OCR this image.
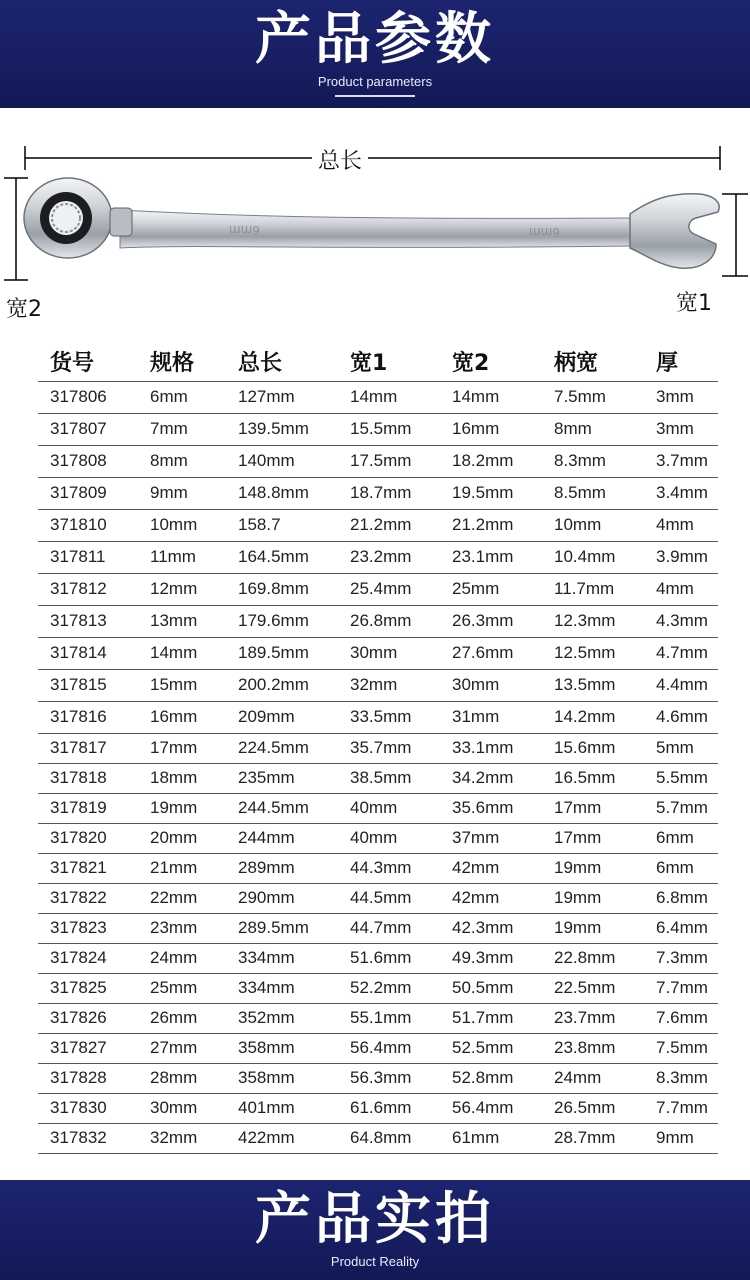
产品参数
Product parameters
6mm	6mm
总长
宽2	宽1
货号	规格	总长	宽1	宽2	柄宽	厚
317806	6mm	127mm	14mm	14mm	7.5mm	3mm
317807	7mm	139.5mm	15.5mm	16mm	8mm	3mm
317808	8mm	140mm	17.5mm	18.2mm	8.3mm	3.7mm
317809	9mm	148.8mm	18.7mm	19.5mm	8.5mm	3.4mm
371810	10mm	158.7	21.2mm	21.2mm	10mm	4mm
317811	11mm	164.5mm	23.2mm	23.1mm	10.4mm	3.9mm
317812	12mm	169.8mm	25.4mm	25mm	11.7mm	4mm
317813	13mm	179.6mm	26.8mm	26.3mm	12.3mm	4.3mm
317814	14mm	189.5mm	30mm	27.6mm	12.5mm	4.7mm
317815	15mm	200.2mm	32mm	30mm	13.5mm	4.4mm
317816	16mm	209mm	33.5mm	31mm	14.2mm	4.6mm
317817	17mm	224.5mm	35.7mm	33.1mm	15.6mm	5mm
317818	18mm	235mm	38.5mm	34.2mm	16.5mm	5.5mm
317819	19mm	244.5mm	40mm	35.6mm	17mm	5.7mm
317820	20mm	244mm	40mm	37mm	17mm	6mm
317821	21mm	289mm	44.3mm	42mm	19mm	6mm
317822	22mm	290mm	44.5mm	42mm	19mm	6.8mm
317823	23mm	289.5mm	44.7mm	42.3mm	19mm	6.4mm
317824	24mm	334mm	51.6mm	49.3mm	22.8mm	7.3mm
317825	25mm	334mm	52.2mm	50.5mm	22.5mm	7.7mm
317826	26mm	352mm	55.1mm	51.7mm	23.7mm	7.6mm
317827	27mm	358mm	56.4mm	52.5mm	23.8mm	7.5mm
317828	28mm	358mm	56.3mm	52.8mm	24mm	8.3mm
317830	30mm	401mm	61.6mm	56.4mm	26.5mm	7.7mm
317832	32mm	422mm	64.8mm	61mm	28.7mm	9mm
产品实拍
Product Reality
